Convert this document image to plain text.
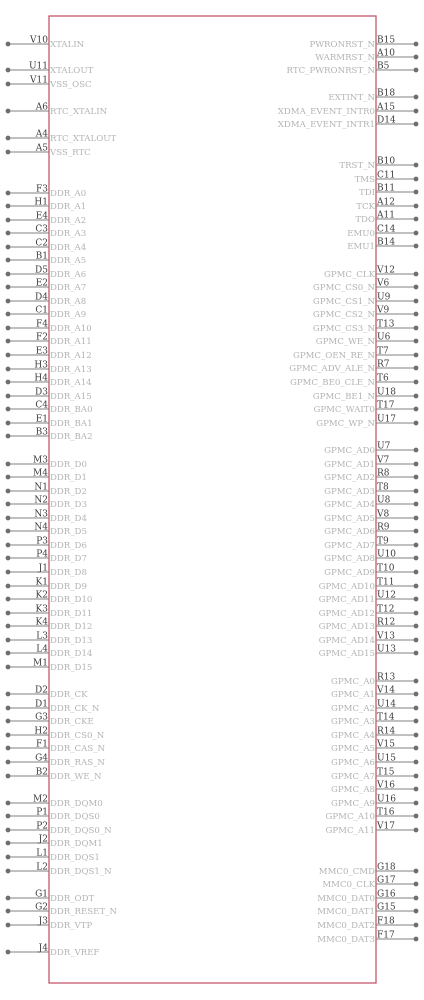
V10 XTALIN
U11 XTALOUT
V11 VSS_OSC
A6 RTC_XTALIN
A4 RTC_XTALOUT
A5 VSS_RTC
F3 DDR_A0
H1 DDR_A1
E4 DDR_A2
C3 DDR_A3
C2 DDR_A4
B1 DDR_A5
D5 DDR_A6
E2 DDR_A7
D4 DDR_A8
C1 DDR_A9
F4 DDR_A10
F2 DDR_A11
E3 DDR_A12
H3 DDR_A13
H4 DDR_A14
D3 DDR_A15
C4 DDR_BA0
E1 DDR_BA1
B3 DDR_BA2
M3 DDR_D0
M4 DDR_D1
N1 DDR_D2
N2 DDR_D3
N3 DDR_D4
N4 DDR_D5
P3 DDR_D6
P4 DDR_D7
J1 DDR_D8
K1 DDR_D9
K2 DDR_D10
K3 DDR_D11
K4 DDR_D12
L3 DDR_D13
L4 DDR_D14
M1 DDR_D15
D2 DDR_CK
D1 DDR_CK_N
G3 DDR_CKE
H2 DDR_CS0_N
F1 DDR_CAS_N
G4 DDR_RAS_N
B2 DDR_WE_N
M2 DDR_DQM0
P1 DDR_DQS0
P2 DDR_DQS0_N
J2 DDR_DQM1
L1 DDR_DQS1
L2 DDR_DQS1_N
G1 DDR_ODT
G2 DDR_RESET_N
J3 DDR_VTP
J4 DDR_VREF
B15
PWRONRST_N
A10
WARMRST_N
B5
RTC_PWRONRST_N
B18
EXTINT_N
A15
XDMA_EVENT_INTR0
D14
XDMA_EVENT_INTR1
B10
TRST_N
C11
TMS
B11
TDI
A12
TCK
A11
TDO
C14
EMU0
B14
EMU1
V12
GPMC_CLK
V6
GPMC_CS0_N
U9
GPMC_CS1_N
V9
GPMC_CS2_N
T13
GPMC_CS3_N
U6
GPMC_WE_N
T7
GPMC_OEN_RE_N
R7
GPMC_ADV_ALE_N
T6
GPMC_BE0_CLE_N
U18
GPMC_BE1_N
T17
GPMC_WAIT0
U17
GPMC_WP_N
U7
GPMC_AD0
V7
GPMC_AD1
R8
GPMC_AD2
T8
GPMC_AD3
U8
GPMC_AD4
V8
GPMC_AD5
R9
GPMC_AD6
T9
GPMC_AD7
U10
GPMC_AD8
T10
GPMC_AD9
T11
GPMC_AD10
U12
GPMC_AD11
T12
GPMC_AD12
R12
GPMC_AD13
V13
GPMC_AD14
U13
GPMC_AD15
R13
GPMC_A0
V14
GPMC_A1
U14
GPMC_A2
T14
GPMC_A3
R14
GPMC_A4
V15
GPMC_A5
U15
GPMC_A6
T15
GPMC_A7
V16
GPMC_A8
U16
GPMC_A9
T16
GPMC_A10
V17
GPMC_A11
G18
MMC0_CMD
G17
MMC0_CLK
G16
MMC0_DAT0
G15
MMC0_DAT1
F18
MMC0_DAT2
F17
MMC0_DAT3
